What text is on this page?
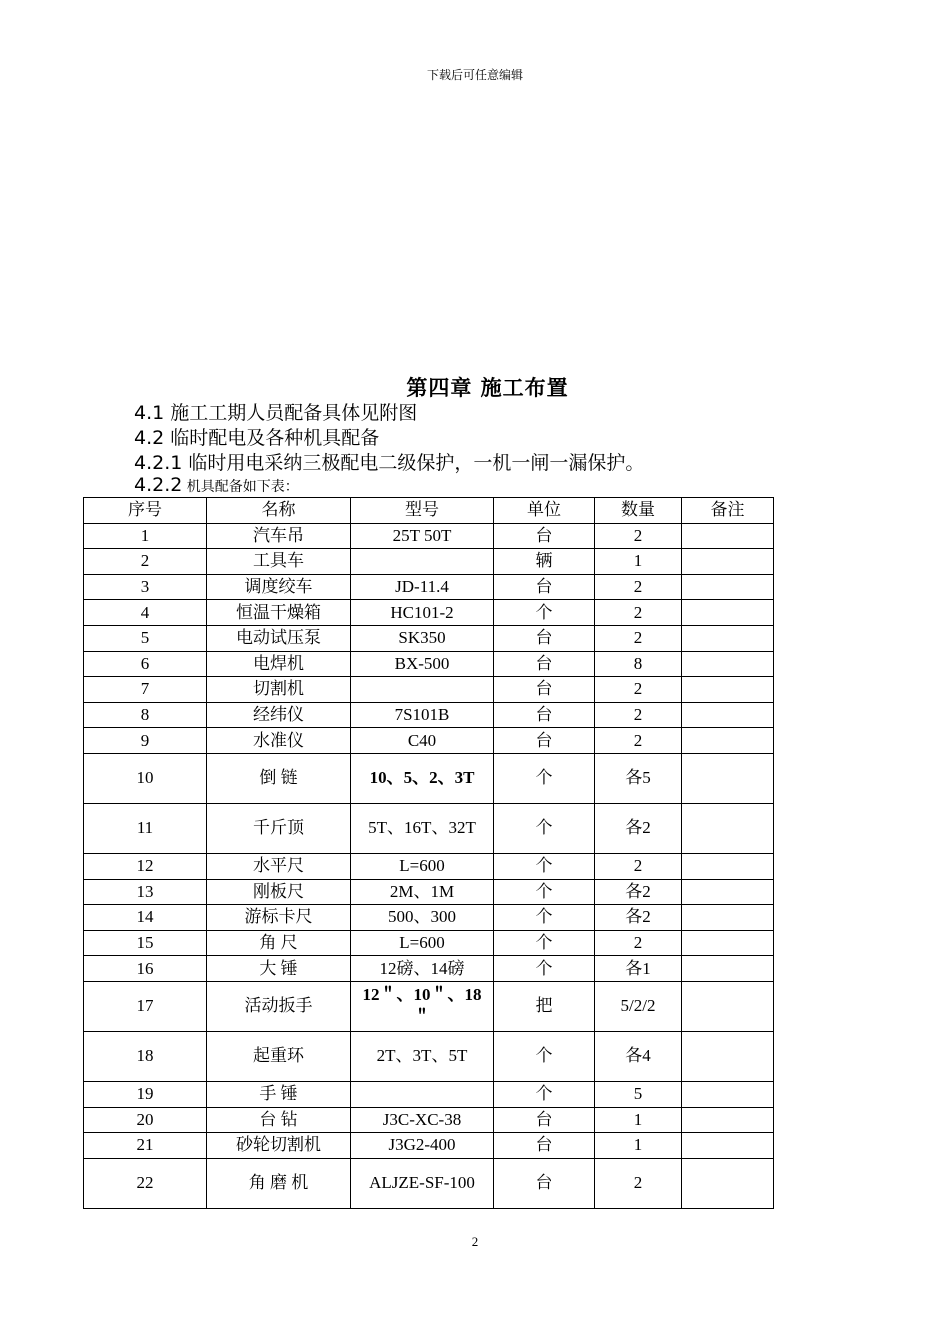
下载后可任意编辑
第四章 施工布置
4.1 施工工期人员配备具体见附图
4.2 临时配电及各种机具配备
4.2.1 临时用电采纳三极配电二级保护，一机一闸一漏保护。
4.2.2 机具配备如下表：
序号	名称	型号	单位	数量	备注
1	汽车吊	25T 50T	台	2	
2	工具车		辆	1	
3	调度绞车	JD-11.4	台	2	
4	恒温干燥箱	HC101-2	个	2	
5	电动试压泵	SK350	台	2	
6	电焊机	BX-500	台	8	
7	切割机		台	2	
8	经纬仪	7S101B	台	2	
9	水准仪	C40	台	2	
10	倒 链	10、5、2、3T	个	各5	
11	千斤顶	5T、16T、32T	个	各2	
12	水平尺	L=600	个	2	
13	刚板尺	2M、1M	个	各2	
14	游标卡尺	500、300	个	各2	
15	角 尺	L=600	个	2	
16	大 锤	12磅、14磅	个	各1	
17	活动扳手	12＂、10＂、18＂	把	5/2/2	
18	起重环	2T、3T、5T	个	各4	
19	手 锤		个	5	
20	台 钻	J3C-XC-38	台	1	
21	砂轮切割机	J3G2-400	台	1	
22	角 磨 机	ALJZE-SF-100	台	2	
2
